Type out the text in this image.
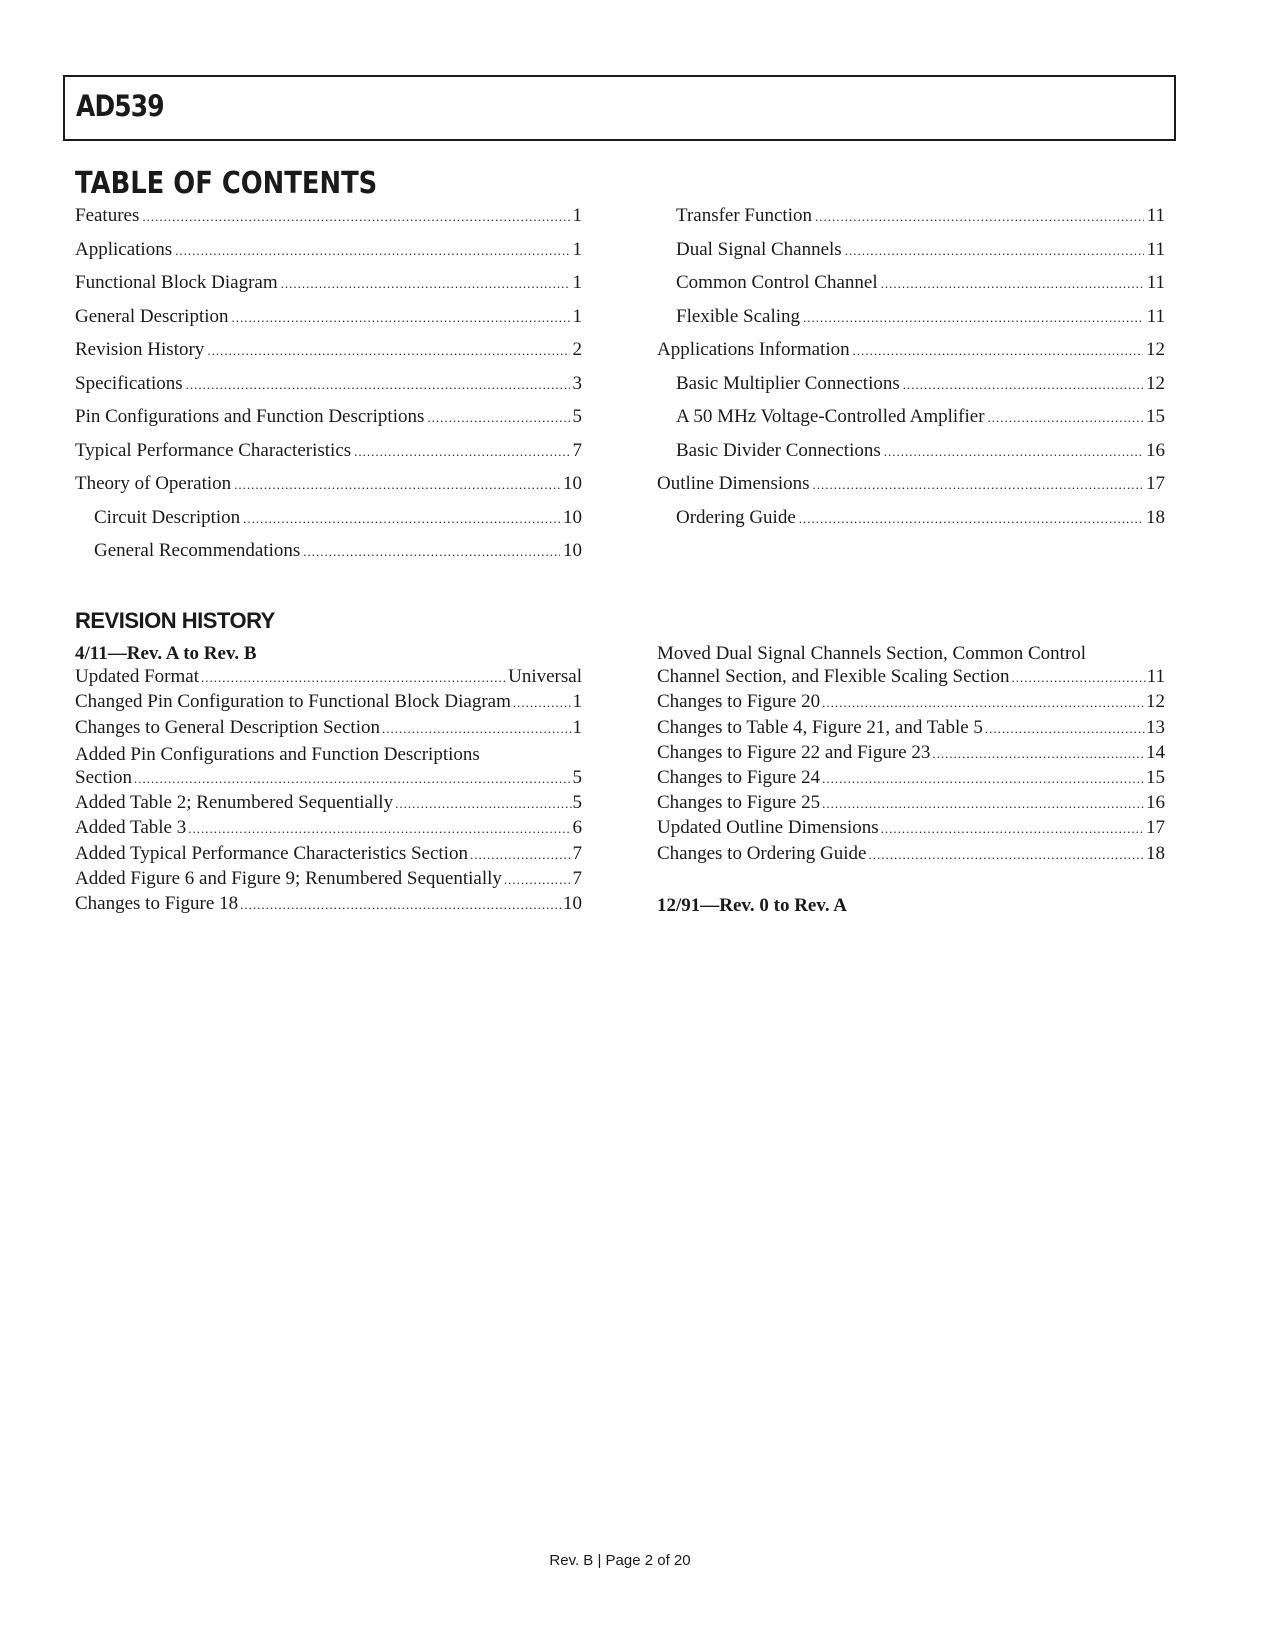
AD539
TABLE OF CONTENTS
Features .....	1
Applications .....	1
Functional Block Diagram .....	1
General Description .....	1
Revision History .....	2
Specifications .....	3
Pin Configurations and Function Descriptions .....	5
Typical Performance Characteristics .....	7
Theory of Operation .....	10
Circuit Description .....	10
General Recommendations .....	10
Transfer Function .....	11
Dual Signal Channels .....	11
Common Control Channel .....	11
Flexible Scaling .....	11
Applications Information .....	12
Basic Multiplier Connections .....	12
A 50 MHz Voltage-Controlled Amplifier .....	15
Basic Divider Connections .....	16
Outline Dimensions .....	17
Ordering Guide .....	18
REVISION HISTORY
4/11—Rev. A to Rev. B
Updated Format .....	Universal
Changed Pin Configuration to Functional Block Diagram .....	1
Changes to General Description Section .....	1
Added Pin Configurations and Function Descriptions
Section .....	5
Added Table 2; Renumbered Sequentially .....	5
Added Table 3 .....	6
Added Typical Performance Characteristics Section .....	7
Added Figure 6 and Figure 9; Renumbered Sequentially .....	7
Changes to Figure 18 .....	10
Moved Dual Signal Channels Section, Common Control
Channel Section, and Flexible Scaling Section .....	11
Changes to Figure 20 .....	12
Changes to Table 4, Figure 21, and Table 5 .....	13
Changes to Figure 22 and Figure 23 .....	14
Changes to Figure 24 .....	15
Changes to Figure 25 .....	16
Updated Outline Dimensions .....	17
Changes to Ordering Guide .....	18
12/91—Rev. 0 to Rev. A
Rev. B | Page 2 of 20
